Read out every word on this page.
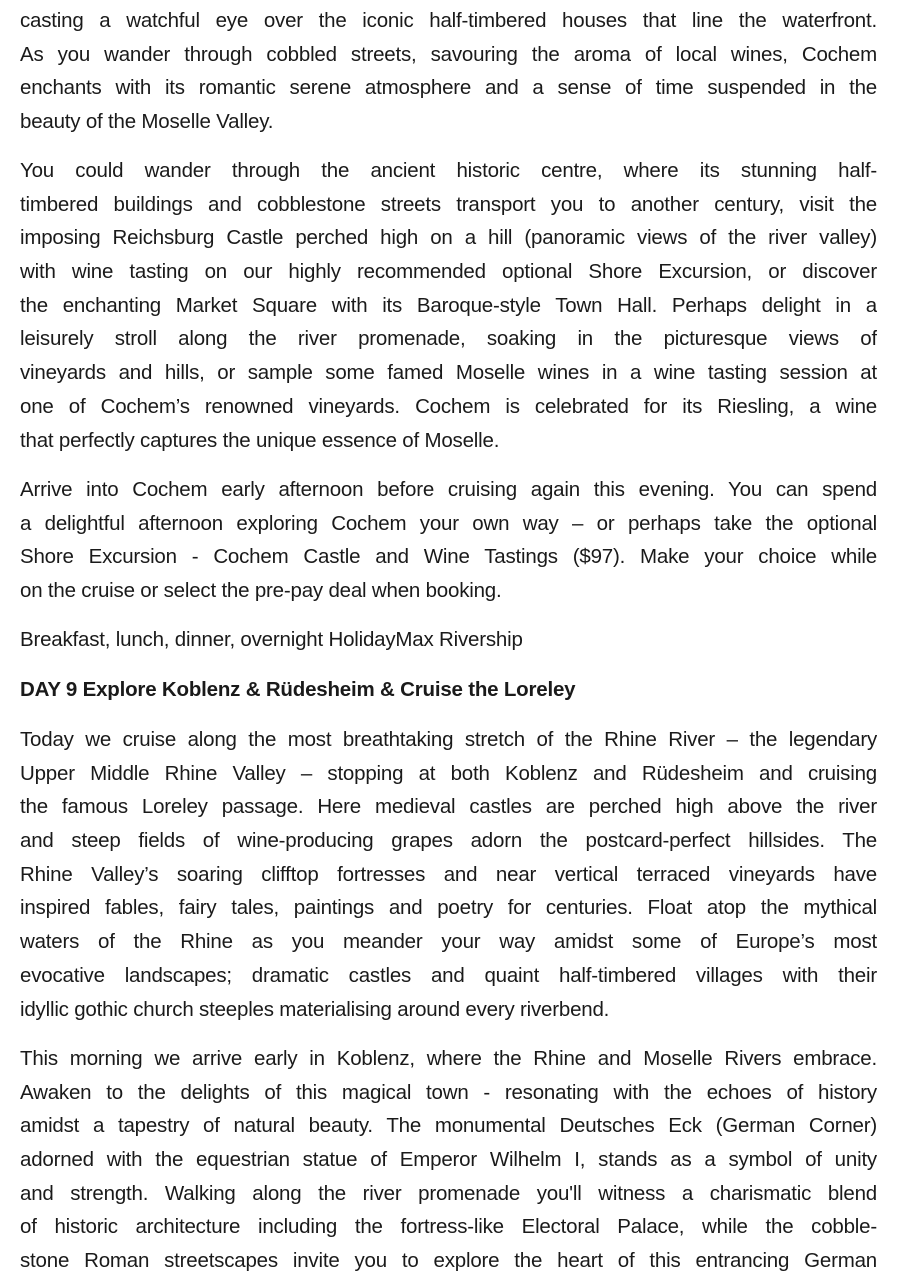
casting a watchful eye over the iconic half-timbered houses that line the waterfront.
As you wander through cobbled streets, savouring the aroma of local wines, Cochem
enchants with its romantic serene atmosphere and a sense of time suspended in the
beauty of the Moselle Valley.

You could wander through the ancient historic centre, where its stunning half-
timbered buildings and cobblestone streets transport you to another century, visit the
imposing Reichsburg Castle perched high on a hill (panoramic views of the river valley)
with wine tasting on our highly recommended optional Shore Excursion, or discover
the enchanting Market Square with its Baroque-style Town Hall. Perhaps delight in a
leisurely stroll along the river promenade, soaking in the picturesque views of
vineyards and hills, or sample some famed Moselle wines in a wine tasting session at
one of Cochem’s renowned vineyards. Cochem is celebrated for its Riesling, a wine
that perfectly captures the unique essence of Moselle.

Arrive into Cochem early afternoon before cruising again this evening. You can spend
a delightful afternoon exploring Cochem your own way – or perhaps take the optional
Shore Excursion - Cochem Castle and Wine Tastings ($97). Make your choice while
on the cruise or select the pre-pay deal when booking.

Breakfast, lunch, dinner, overnight HolidayMax Rivership

DAY 9 Explore Koblenz & Rüdesheim & Cruise the Loreley

Today we cruise along the most breathtaking stretch of the Rhine River – the legendary
Upper Middle Rhine Valley – stopping at both Koblenz and Rüdesheim and cruising
the famous Loreley passage. Here medieval castles are perched high above the river
and steep fields of wine-producing grapes adorn the postcard-perfect hillsides. The
Rhine Valley’s soaring clifftop fortresses and near vertical terraced vineyards have
inspired fables, fairy tales, paintings and poetry for centuries. Float atop the mythical
waters of the Rhine as you meander your way amidst some of Europe’s most
evocative landscapes; dramatic castles and quaint half-timbered villages with their
idyllic gothic church steeples materialising around every riverbend.

This morning we arrive early in Koblenz, where the Rhine and Moselle Rivers embrace.
Awaken to the delights of this magical town - resonating with the echoes of history
amidst a tapestry of natural beauty. The monumental Deutsches Eck (German Corner)
adorned with the equestrian statue of Emperor Wilhelm I, stands as a symbol of unity
and strength. Walking along the river promenade you'll witness a charismatic blend
of historic architecture including the fortress-like Electoral Palace, while the cobble-
stone Roman streetscapes invite you to explore the heart of this entrancing German
